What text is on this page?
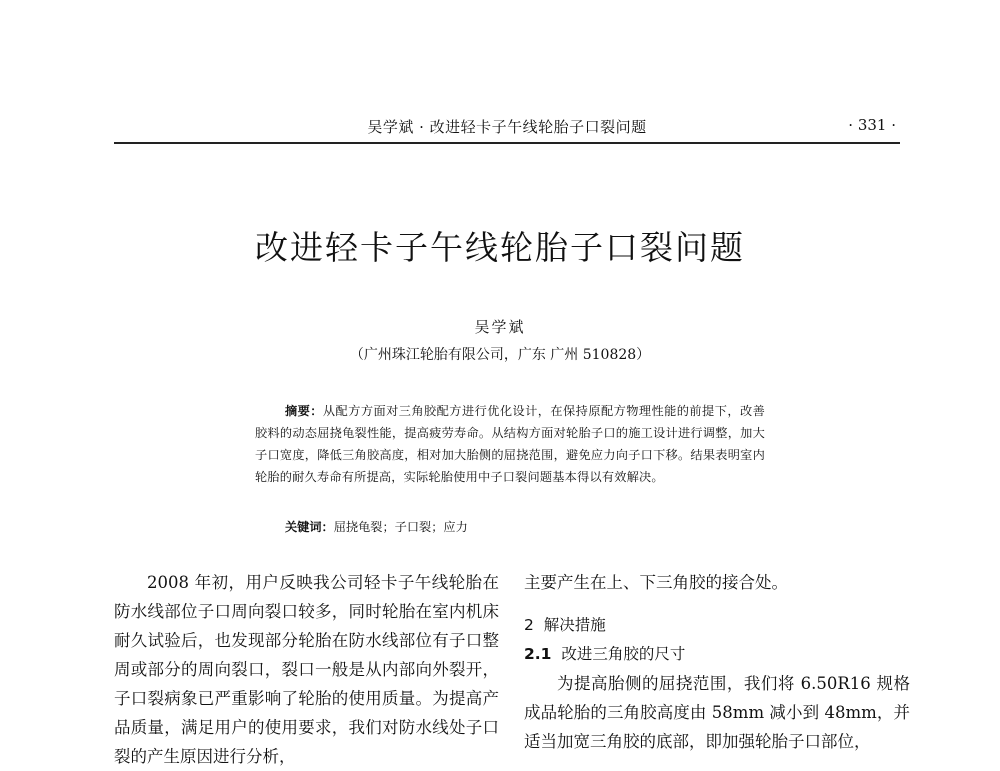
吴学斌 · 改进轻卡子午线轮胎子口裂问题	· 331 ·
改进轻卡子午线轮胎子口裂问题
吴学斌
（广州珠江轮胎有限公司，广东 广州 510828）

摘要：从配方方面对三角胶配方进行优化设计，在保持原配方物理性能的前提下，改善胶料的动态屈挠龟裂性能，提高疲劳寿命。从结构方面对轮胎子口的施工设计进行调整，加大子口宽度，降低三角胶高度，相对加大胎侧的屈挠范围，避免应力向子口下移。结果表明室内轮胎的耐久寿命有所提高，实际轮胎使用中子口裂问题基本得以有效解决。

关键词：屈挠龟裂；子口裂；应力

2008 年初，用户反映我公司轻卡子午线轮胎在防水线部位子口周向裂口较多，同时轮胎在室内机床耐久试验后，也发现部分轮胎在防水线部位有子口整周或部分的周向裂口，裂口一般是从内部向外裂开，子口裂病象已严重影响了轮胎的使用质量。为提高产品质量，满足用户的使用要求，我们对防水线处子口裂的产生原因进行分析，

主要产生在上、下三角胶的接合处。

2 解决措施

2.1 改进三角胶的尺寸

为提高胎侧的屈挠范围，我们将 6.50R16 规格成品轮胎的三角胶高度由 58mm 减小到 48mm，并适当加宽三角胶的底部，即加强轮胎子口部位，
